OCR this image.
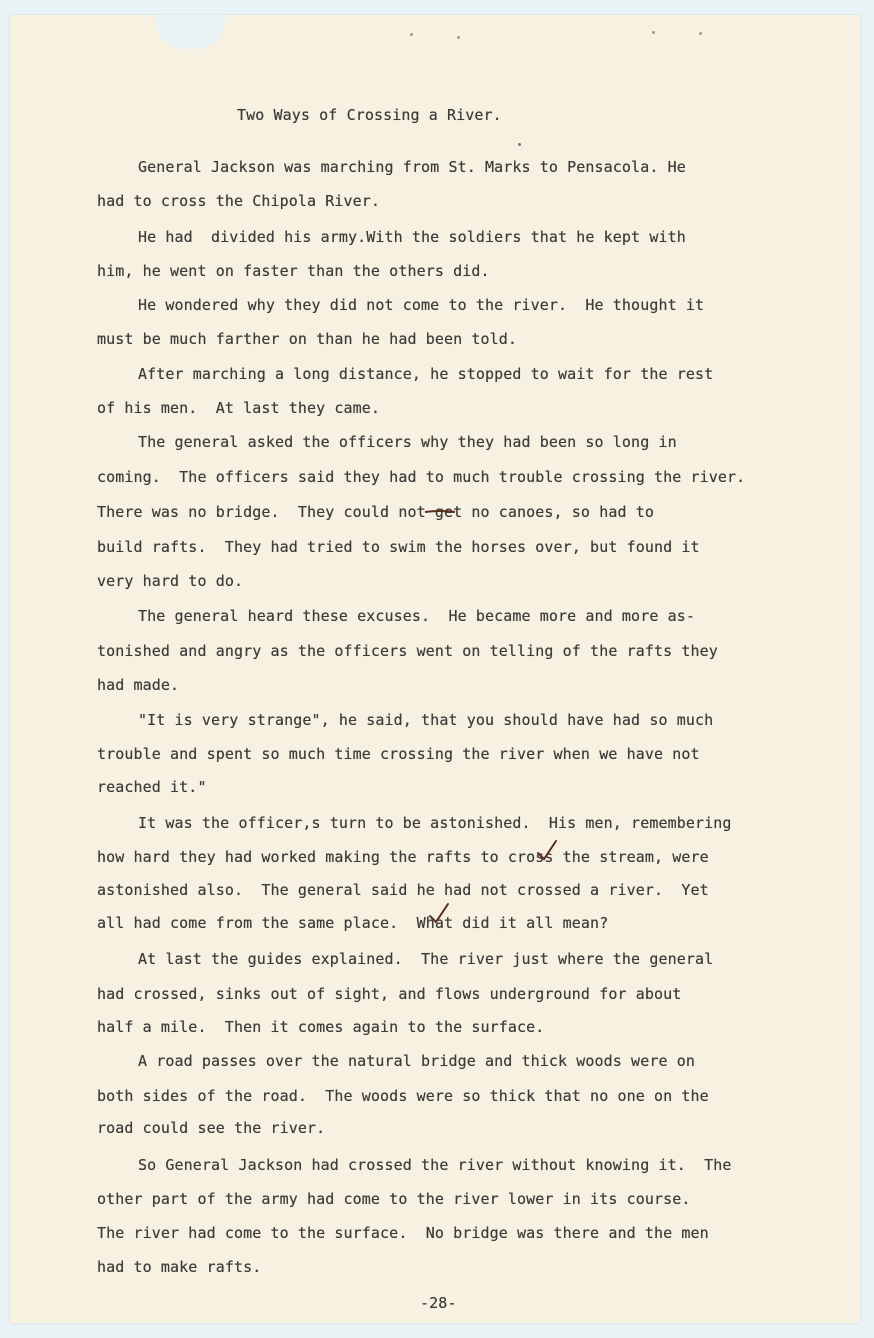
Two Ways of Crossing a River.
General Jackson was marching from St. Marks to Pensacola. He
had to cross the Chipola River.
He had  divided his army.With the soldiers that he kept with
him, he went on faster than the others did.
He wondered why they did not come to the river.  He thought it
must be much farther on than he had been told.
After marching a long distance, he stopped to wait for the rest
of his men.  At last they came.
The general asked the officers why they had been so long in
coming.  The officers said they had to much trouble crossing the river.
There was no bridge.  They could not get no canoes, so had to
build rafts.  They had tried to swim the horses over, but found it
very hard to do.
The general heard these excuses.  He became more and more as-
tonished and angry as the officers went on telling of the rafts they
had made.
"It is very strange", he said, that you should have had so much
trouble and spent so much time crossing the river when we have not
reached it."
It was the officer,s turn to be astonished.  His men, remembering
how hard they had worked making the rafts to cross the stream, were
astonished also.  The general said he had not crossed a river.  Yet
all had come from the same place.  What did it all mean?
At last the guides explained.  The river just where the general
had crossed, sinks out of sight, and flows underground for about
half a mile.  Then it comes again to the surface.
A road passes over the natural bridge and thick woods were on
both sides of the road.  The woods were so thick that no one on the
road could see the river.
So General Jackson had crossed the river without knowing it.  The
other part of the army had come to the river lower in its course.
The river had come to the surface.  No bridge was there and the men
had to make rafts.
-28-
